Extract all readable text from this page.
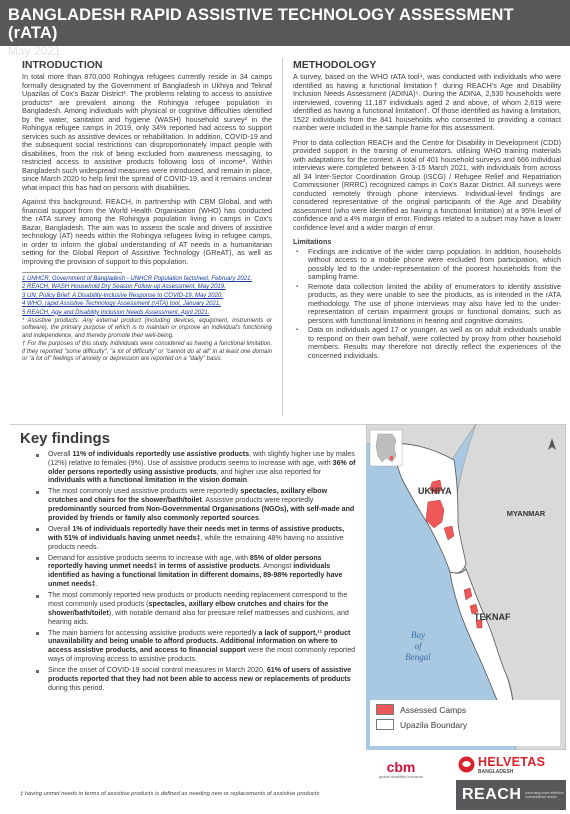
BANGLADESH RAPID ASSISTIVE TECHNOLOGY ASSESSMENT (rATA)
May 2021
INTRODUCTION

In total more than 870,000 Rohingya refugees currently reside in 34 camps formally designated by the Government of Bangladesh in Ukhiya and Teknaf Upazilas of Cox's Bazar District¹. The problems relating to access to assistive products* are prevalent among the Rohingya refugee population in Bangladesh. Among individuals with physical or cognitive difficulties identified by the water, sanitation and hygiene (WASH) household survey² in the Rohingya refugee camps in 2019, only 34% reported had access to support services such as assistive devices or rehabilitation. In addition, COVID-19 and the subsequent social restrictions can disproportionately impact people with disabilities, from the risk of being excluded from awareness messaging, to restricted access to assistive products following loss of income³. Within Bangladesh such widespread measures were introduced, and remain in place, since March 2020 to help limit the spread of COVID-19, and it remains unclear what impact this has had on persons with disabilities.

Against this background, REACH, in partnership with CBM Global, and with financial support from the World Health Organisation (WHO) has conducted the rATA survey among the Rohingya population living in camps in Cox's Bazar, Bangladesh. The aim was to assess the scale and drivers of assistive technology (AT) needs within the Rohingya refugees living in refugee camps, in order to inform the global understanding of AT needs in a humanitarian setting for the Global Report of Assistive Technology (GReAT), as well as improving the provision of support to this population.

1 UNHCR, Government of Bangladesh - UNHCR Population factsheet, February 2021.
2 REACH, WASH Household Dry Season Follow-up Assessment, May 2019.
3 UN, Policy Brief: A Disability-Inclusive Response to COVID-19, May 2020.
4 WHO, rapid Assistive Technology Assessment (rATA) tool, January 2021.
5 REACH, Age and Disability Inclusion Needs Assessment, April 2021.
* Assistive products: Any external product (including devices, equipment, instruments or software), the primary purpose of which is to maintain or improve an individual's functioning and independence, and thereby promote their well-being.
† For the purposes of this study, individuals were considered as having a functional limitation, if they reported "some difficulty", "a lot of difficulty" or "cannot do at all" in at least one domain or "a lot of" feelings of anxiety or depression are reported on a "daily" basis.
METHODOLOGY

A survey, based on the WHO rATA tool⁴, was conducted with individuals who were identified as having a functional limitation† during REACH's Age and Disability Inclusion Needs Assessment (ADINA)⁵. During the ADINA, 2,530 households were interviewed, covering 11,187 individuals aged 2 and above, of whom 2,619 were identified as having a functional limitation†. Of those identified as having a limitation, 1522 individuals from the 841 households who consented to providing a contact number were included in the sample frame for this assessment.

Prior to data collection REACH and the Centre for Disability in Development (CDD) provided support in the training of enumerators, utilising WHO training materials with adaptations for the context. A total of 401 household surveys and 666 individual interviews were completed between 3-15 March 2021, with individuals from across all 34 Inter-Sector Coordination Group (ISCG) / Refugee Relief and Repatriation Commissioner (RRRC) recognized camps in Cox's Bazar District. All surveys were conducted remotely through phone interviews. Individual-level findings are considered representative of the original participants of the Age and Disability assessment (who were identified as having a functional limitation) at a 95% level of confidence and a 4% margin of error. Findings related to a subset may have a lower confidence level and a wider margin of error.

Limitations
▪ Findings are indicative of the wider camp population. In addition, households without access to a mobile phone were excluded from participation, which possibly led to the under-representation of the poorest households from the sampling frame.
▪ Remote data collection limited the ability of enumerators to identify assistive products, as they were unable to see the products, as is intended in the rATA methodology. The use of phone interviews may also have led to the under-representation of certain impairment groups or functional domains, such as persons with functional limitations in hearing and cognitive domains.
▪ Data on individuals aged 17 or younger, as well as on adult individuals unable to respond on their own behalf, were collected by proxy from other household members. Results may therefore not directly reflect the experiences of the concerned individuals.
Key findings
Overall 11% of individuals reportedly use assistive products, with slightly higher use by males (12%) relative to females (9%). Use of assistive products seems to increase with age, with 36% of older persons reportedly using assistive products, and higher use also reported for individuals with a functional limitation in the vision domain.
The most commonly used assistive products were reportedly spectacles, axillary elbow crutches and chairs for the shower/bath/toilet. Assistive products were reportedly predominantly sourced from Non-Governmental Organisations (NGOs), with self-made and provided by friends or family also commonly reported sources.
Overall 1% of individuals reportedly have their needs met in terms of assistive products, with 51% of individuals having unmet needs‡, while the remaining 48% having no assistive products needs.
Demand for assistive products seems to increase with age, with 85% of older persons reportedly having unmet needs‡ in terms of assistive products. Amongst individuals identified as having a functional limitation in different domains, 89-98% reportedly have unmet needs‡.
The most commonly reported new products or products needing replacement correspond to the most commonly used products (spectacles, axillary elbow crutches and chairs for the shower/bath/toilet), with notable demand also for pressure relief mattresses and cushions, and hearing aids.
The main barriers for accessing assistive products were reportedly a lack of support,¹¹ product unavailability and being unable to afford products. Additional information on where to access assistive products, and access to financial support were the most commonly reported ways of improving access to assistive products.
Since the onset of COVID-19 social control measures in March 2020, 61% of users of assistive products reported that they had not been able to access new or replacements of products during this period.
‡ having unmet needs in terms of assistive products is defined as needing new or replacements of assistive products
UKHIYA
MYANMAR
TEKNAF
Bay of Bengal
Assessed Camps
Upazila Boundary
cbm
global disability inclusion
HELVETAS
BANGLADESH
REACH Informing more effective humanitarian action
